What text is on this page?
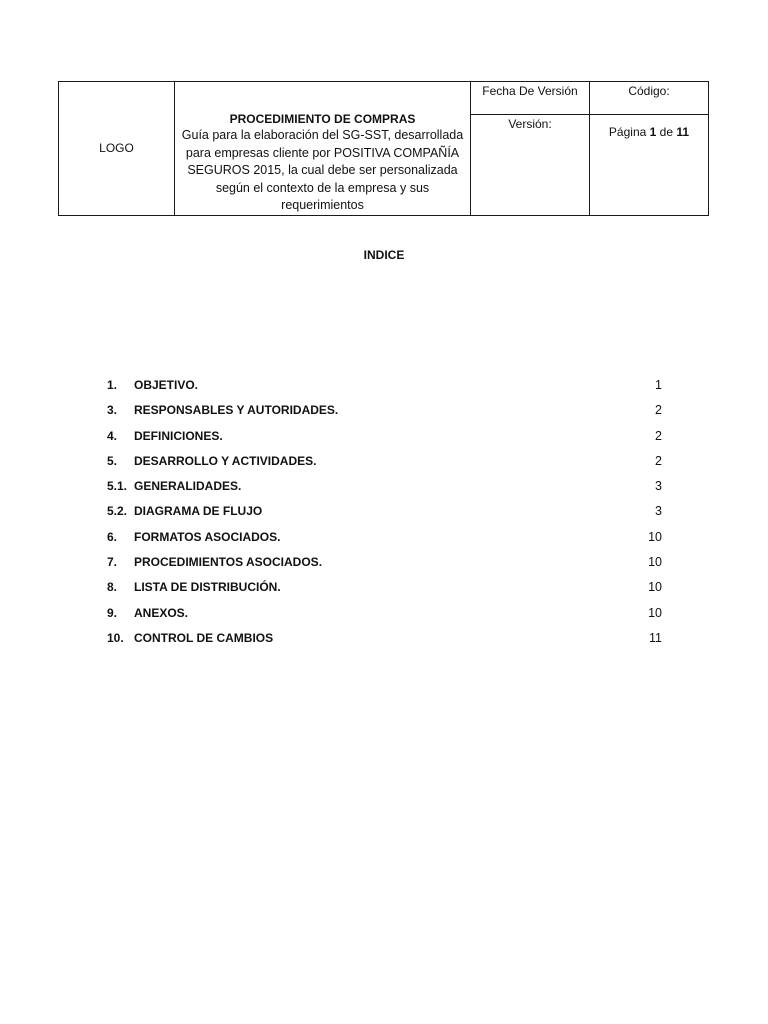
LOGO	PROCEDIMIENTO DE COMPRAS
Guía para la elaboración del SG-SST, desarrollada para empresas cliente por POSITIVA COMPAÑÍA SEGUROS 2015, la cual debe ser personalizada según el contexto de la empresa y sus requerimientos	Fecha De Versión	Código:
		Versión:	Página 1 de 11
INDICE
1. OBJETIVO.	1
3. RESPONSABLES Y AUTORIDADES.	2
4. DEFINICIONES.	2
5. DESARROLLO Y ACTIVIDADES.	2
5.1. GENERALIDADES.	3
5.2. DIAGRAMA DE FLUJO	3
6. FORMATOS ASOCIADOS.	10
7. PROCEDIMIENTOS ASOCIADOS.	10
8. LISTA DE DISTRIBUCIÓN.	10
9. ANEXOS.	10
10. CONTROL DE CAMBIOS	11
